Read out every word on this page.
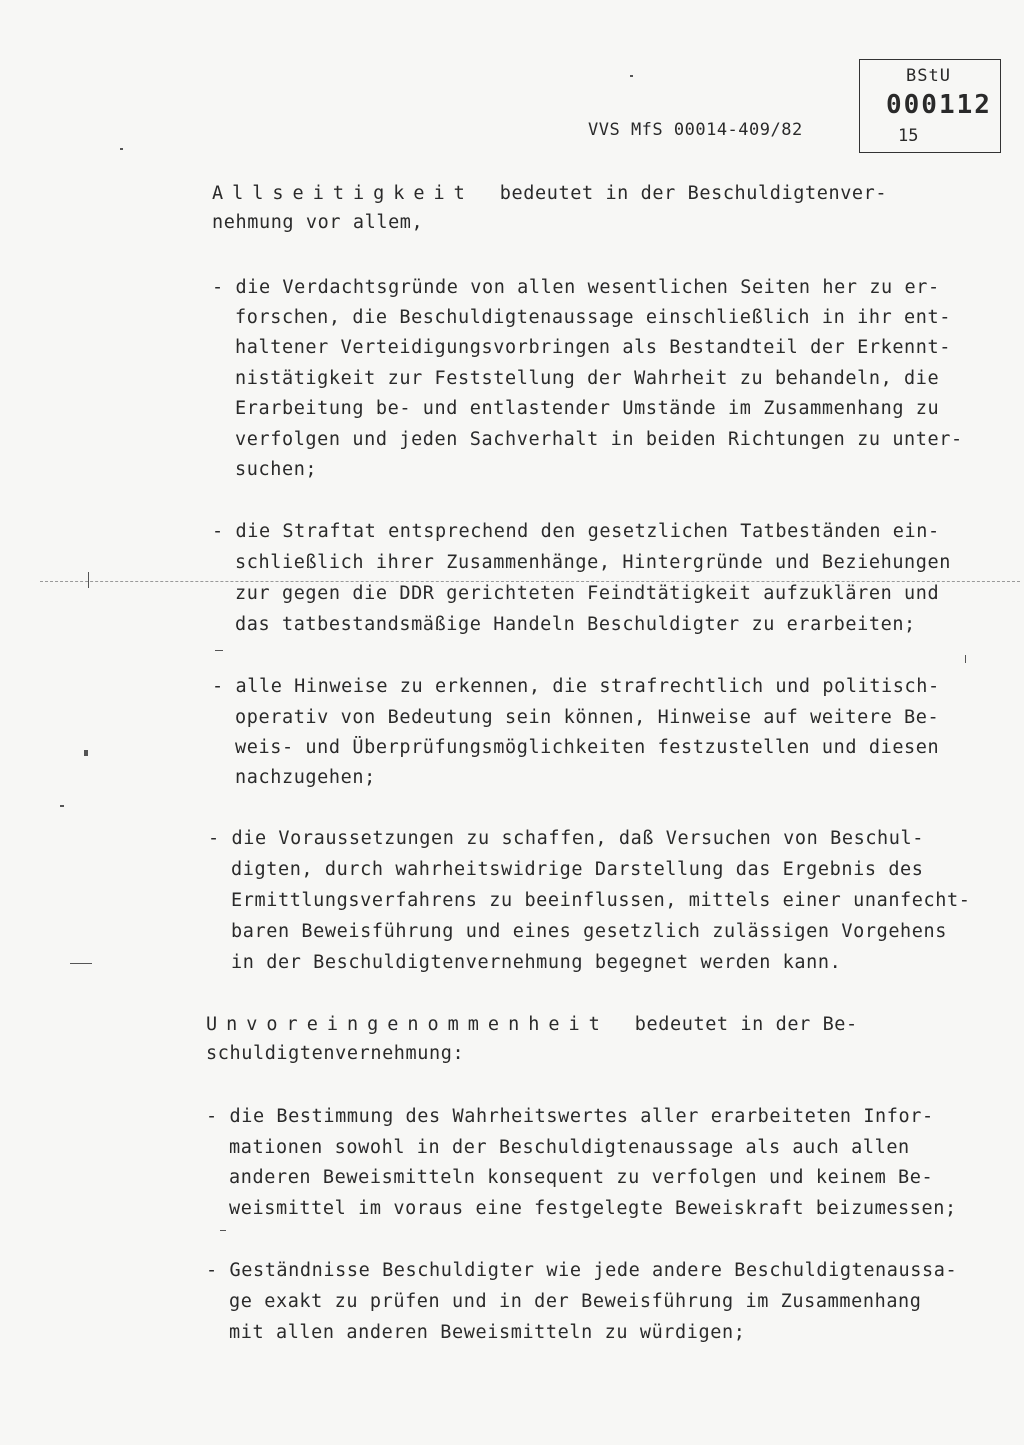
BStU
000112
15
VVS MfS 00014-409/82
Allseitigkeit bedeutet in der Beschuldigtenver-
nehmung vor allem,
- die Verdachtsgründe von allen wesentlichen Seiten her zu er-
forschen, die Beschuldigtenaussage einschließlich in ihr ent-
haltener Verteidigungsvorbringen als Bestandteil der Erkennt-
nistätigkeit zur Feststellung der Wahrheit zu behandeln, die
Erarbeitung be- und entlastender Umstände im Zusammenhang zu
verfolgen und jeden Sachverhalt in beiden Richtungen zu unter-
suchen;
- die Straftat entsprechend den gesetzlichen Tatbeständen ein-
schließlich ihrer Zusammenhänge, Hintergründe und Beziehungen
zur gegen die DDR gerichteten Feindtätigkeit aufzuklären und
das tatbestandsmäßige Handeln Beschuldigter zu erarbeiten;
- alle Hinweise zu erkennen, die strafrechtlich und politisch-
operativ von Bedeutung sein können, Hinweise auf weitere Be-
weis- und Überprüfungsmöglichkeiten festzustellen und diesen
nachzugehen;
- die Voraussetzungen zu schaffen, daß Versuchen von Beschul-
digten, durch wahrheitswidrige Darstellung das Ergebnis des
Ermittlungsverfahrens zu beeinflussen, mittels einer unanfecht-
baren Beweisführung und eines gesetzlich zulässigen Vorgehens
in der Beschuldigtenvernehmung begegnet werden kann.
Unvoreingenommenheit bedeutet in der Be-
schuldigtenvernehmung:
- die Bestimmung des Wahrheitswertes aller erarbeiteten Infor-
mationen sowohl in der Beschuldigtenaussage als auch allen
anderen Beweismitteln konsequent zu verfolgen und keinem Be-
weismittel im voraus eine festgelegte Beweiskraft beizumessen;
- Geständnisse Beschuldigter wie jede andere Beschuldigtenaussa-
ge exakt zu prüfen und in der Beweisführung im Zusammenhang
mit allen anderen Beweismitteln zu würdigen;
